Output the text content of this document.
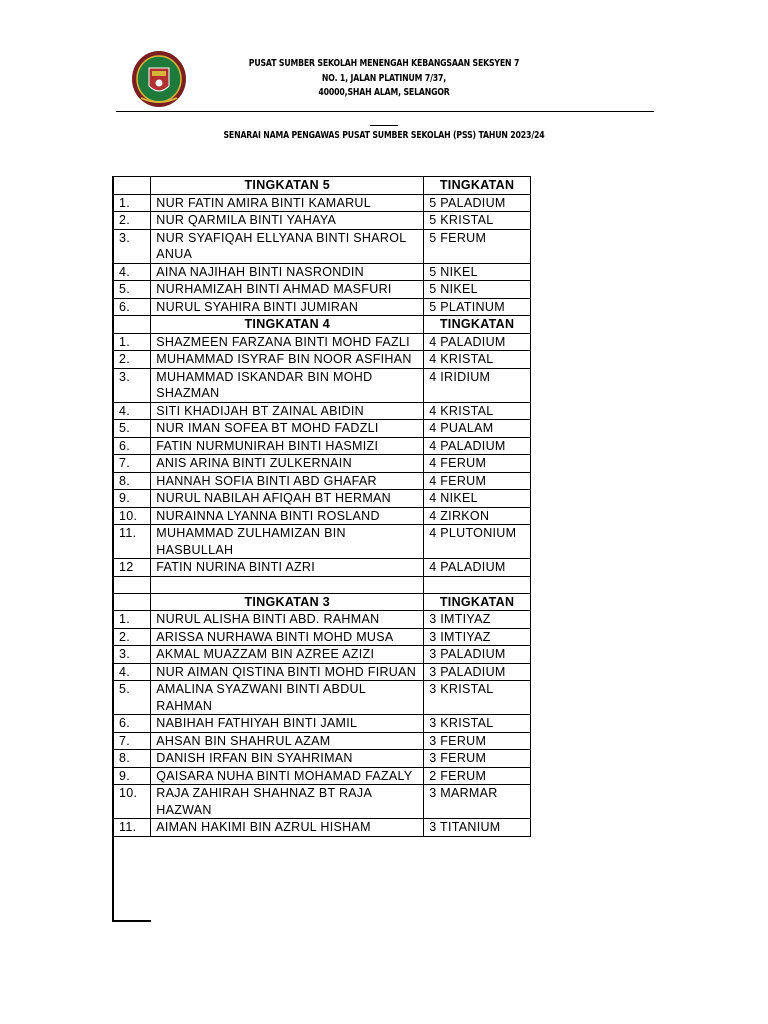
PUSAT SUMBER SEKOLAH MENENGAH KEBANGSAAN SEKSYEN 7
NO. 1, JALAN PLATINUM 7/37,
40000,SHAH ALAM, SELANGOR
SENARAI NAMA PENGAWAS PUSAT SUMBER SEKOLAH (PSS) TAHUN 2023/24
	TINGKATAN 5	TINGKATAN
1.	NUR FATIN AMIRA BINTI KAMARUL	5 PALADIUM
2.	NUR QARMILA BINTI YAHAYA	5 KRISTAL
3.	NUR SYAFIQAH ELLYANA BINTI SHAROL ANUA	5 FERUM
4.	AINA NAJIHAH BINTI NASRONDIN	5 NIKEL
5.	NURHAMIZAH BINTI AHMAD MASFURI	5 NIKEL
6.	NURUL SYAHIRA BINTI JUMIRAN	5 PLATINUM
	TINGKATAN 4	TINGKATAN
1.	SHAZMEEN FARZANA BINTI MOHD FAZLI	4 PALADIUM
2.	MUHAMMAD ISYRAF BIN NOOR ASFIHAN	4 KRISTAL
3.	MUHAMMAD ISKANDAR BIN MOHD SHAZMAN	4 IRIDIUM
4.	SITI KHADIJAH BT ZAINAL ABIDIN	4 KRISTAL
5.	NUR IMAN SOFEA BT MOHD FADZLI	4 PUALAM
6.	FATIN NURMUNIRAH BINTI HASMIZI	4 PALADIUM
7.	ANIS ARINA BINTI ZULKERNAIN	4 FERUM
8.	HANNAH SOFIA BINTI ABD GHAFAR	4 FERUM
9.	NURUL NABILAH AFIQAH BT HERMAN	4 NIKEL
10.	NURAINNA LYANNA BINTI ROSLAND	4 ZIRKON
11.	MUHAMMAD ZULHAMIZAN BIN HASBULLAH	4 PLUTONIUM
12	FATIN NURINA BINTI AZRI	4 PALADIUM

	TINGKATAN 3	TINGKATAN
1.	NURUL ALISHA BINTI ABD. RAHMAN	3 IMTIYAZ
2.	ARISSA NURHAWA BINTI MOHD MUSA	3 IMTIYAZ
3.	AKMAL MUAZZAM BIN AZREE AZIZI	3 PALADIUM
4.	NUR AIMAN QISTINA BINTI MOHD FIRUAN	3 PALADIUM
5.	AMALINA SYAZWANI BINTI ABDUL RAHMAN	3 KRISTAL
6.	NABIHAH FATHIYAH BINTI JAMIL	3 KRISTAL
7.	AHSAN BIN SHAHRUL AZAM	3 FERUM
8.	DANISH IRFAN BIN SYAHRIMAN	3 FERUM
9.	QAISARA NUHA BINTI MOHAMAD FAZALY	2 FERUM
10.	RAJA ZAHIRAH SHAHNAZ BT RAJA HAZWAN	3 MARMAR
11.	AIMAN HAKIMI BIN AZRUL HISHAM	3 TITANIUM
